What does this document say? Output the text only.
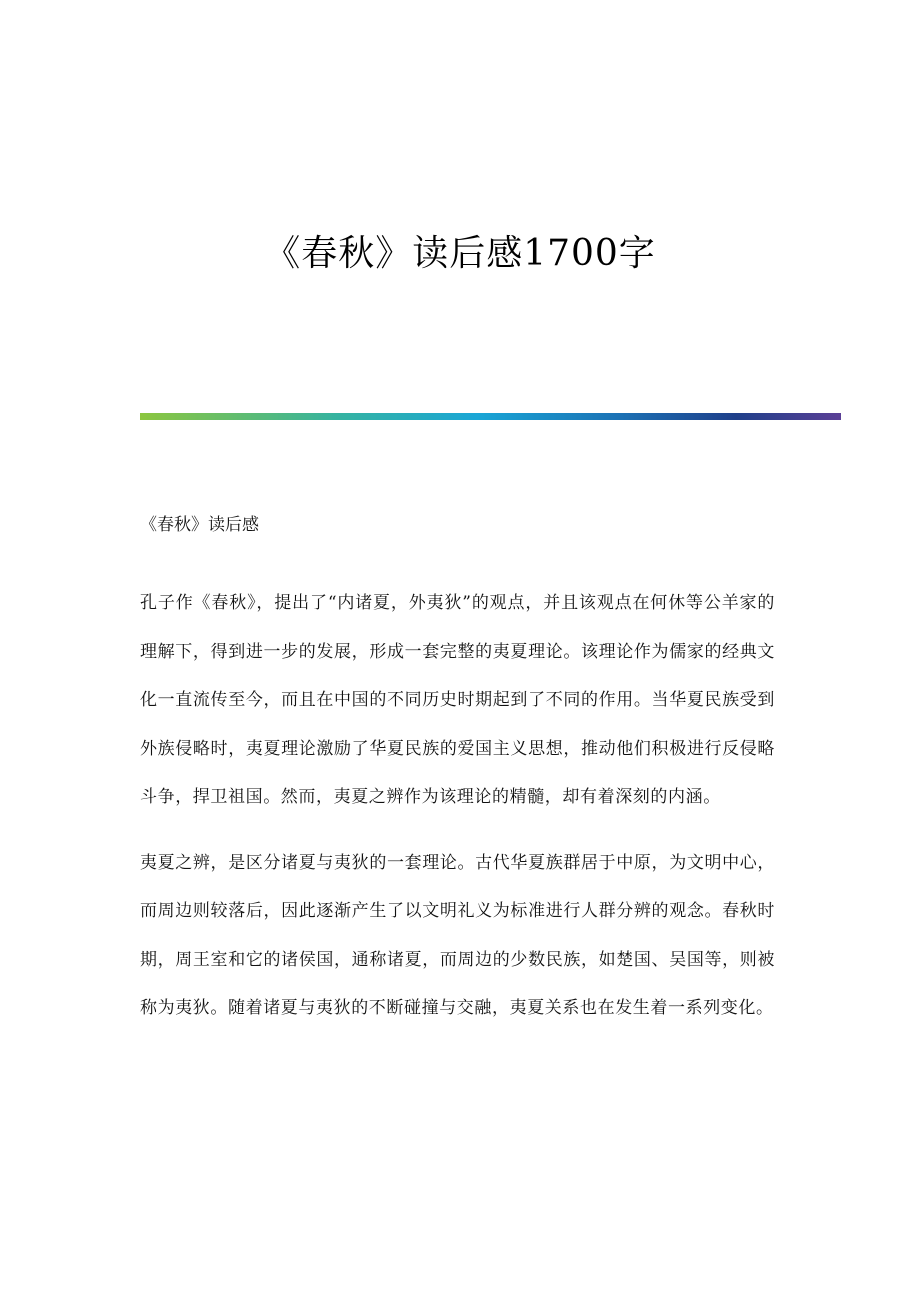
《春秋》读后感1700字
《春秋》读后感

孔子作《春秋》，提出了“内诸夏，外夷狄”的观点，并且该观点在何休等公羊家的理解下，得到进一步的发展，形成一套完整的夷夏理论。该理论作为儒家的经典文化一直流传至今，而且在中国的不同历史时期起到了不同的作用。当华夏民族受到外族侵略时，夷夏理论激励了华夏民族的爱国主义思想，推动他们积极进行反侵略斗争，捍卫祖国。然而，夷夏之辨作为该理论的精髓，却有着深刻的内涵。

夷夏之辨，是区分诸夏与夷狄的一套理论。古代华夏族群居于中原，为文明中心，而周边则较落后，因此逐渐产生了以文明礼义为标准进行人群分辨的观念。春秋时期，周王室和它的诸侯国，通称诸夏，而周边的少数民族，如楚国、吴国等，则被称为夷狄。随着诸夏与夷狄的不断碰撞与交融，夷夏关系也在发生着一系列变化。
